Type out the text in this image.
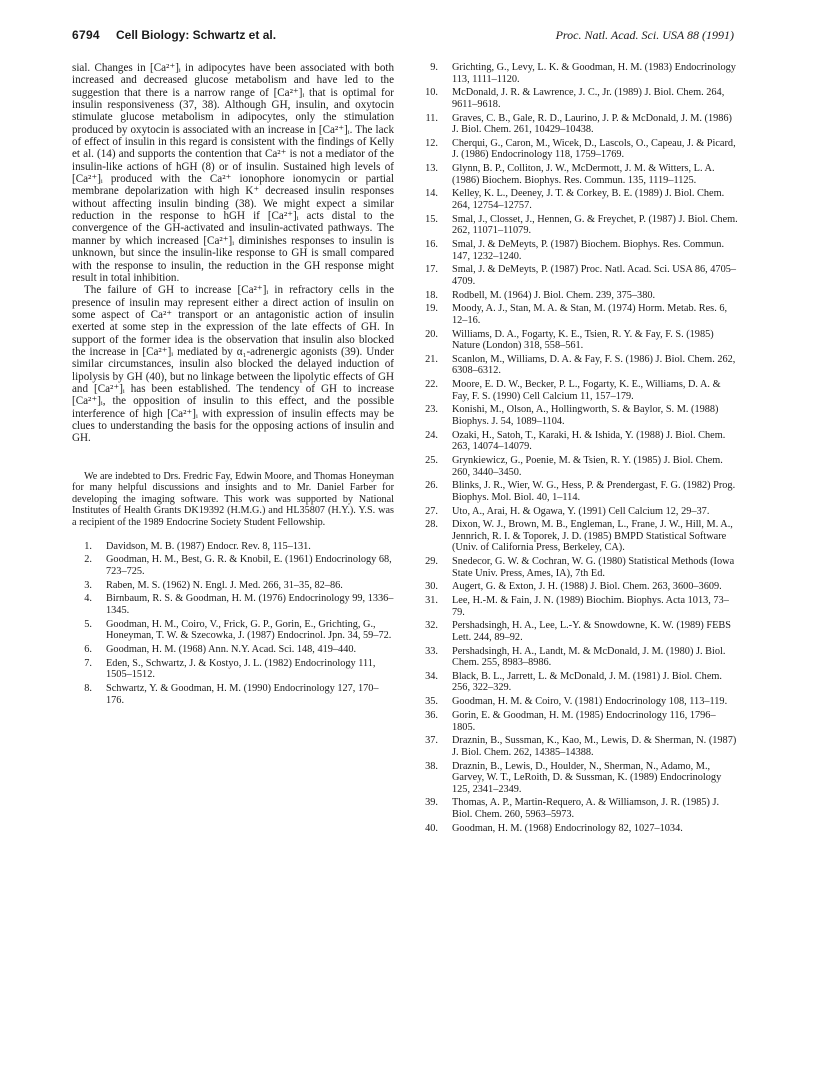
6794 Cell Biology: Schwartz et al.	Proc. Natl. Acad. Sci. USA 88 (1991)

sial. Changes in [Ca²⁺]ᵢ in adipocytes have been associated with both increased and decreased glucose metabolism and have led to the suggestion that there is a narrow range of [Ca²⁺]ᵢ that is optimal for insulin responsiveness (37, 38). Although GH, insulin, and oxytocin stimulate glucose metabolism in adipocytes, only the stimulation produced by oxytocin is associated with an increase in [Ca²⁺]ᵢ. The lack of effect of insulin in this regard is consistent with the findings of Kelly et al. (14) and supports the contention that Ca²⁺ is not a mediator of the insulin-like actions of hGH (8) or of insulin. Sustained high levels of [Ca²⁺]ᵢ produced with the Ca²⁺ ionophore ionomycin or partial membrane depolarization with high K⁺ decreased insulin responses without affecting insulin binding (38). We might expect a similar reduction in the response to hGH if [Ca²⁺]ᵢ acts distal to the convergence of the GH-activated and insulin-activated pathways. The manner by which increased [Ca²⁺]ᵢ diminishes responses to insulin is unknown, but since the insulin-like response to GH is small compared with the response to insulin, the reduction in the GH response might result in total inhibition.

The failure of GH to increase [Ca²⁺]ᵢ in refractory cells in the presence of insulin may represent either a direct action of insulin on some aspect of Ca²⁺ transport or an antagonistic action of insulin exerted at some step in the expression of the late effects of GH. In support of the former idea is the observation that insulin also blocked the increase in [Ca²⁺]ᵢ mediated by α₁-adrenergic agonists (39). Under similar circumstances, insulin also blocked the delayed induction of lipolysis by GH (40), but no linkage between the lipolytic effects of GH and [Ca²⁺]ᵢ has been established. The tendency of GH to increase [Ca²⁺]ᵢ, the opposition of insulin to this effect, and the possible interference of high [Ca²⁺]ᵢ with expression of insulin effects may be clues to understanding the basis for the opposing actions of insulin and GH.

We are indebted to Drs. Fredric Fay, Edwin Moore, and Thomas Honeyman for many helpful discussions and insights and to Mr. Daniel Farber for developing the imaging software. This work was supported by National Institutes of Health Grants DK19392 (H.M.G.) and HL35807 (H.Y.). Y.S. was a recipient of the 1989 Endocrine Society Student Fellowship.

1. Davidson, M. B. (1987) Endocr. Rev. 8, 115–131.
2. Goodman, H. M., Best, G. R. & Knobil, E. (1961) Endocrinology 68, 723–725.
3. Raben, M. S. (1962) N. Engl. J. Med. 266, 31–35, 82–86.
4. Birnbaum, R. S. & Goodman, H. M. (1976) Endocrinology 99, 1336–1345.
5. Goodman, H. M., Coiro, V., Frick, G. P., Gorin, E., Grichting, G., Honeyman, T. W. & Szecowka, J. (1987) Endocrinol. Jpn. 34, 59–72.
6. Goodman, H. M. (1968) Ann. N.Y. Acad. Sci. 148, 419–440.
7. Eden, S., Schwartz, J. & Kostyo, J. L. (1982) Endocrinology 111, 1505–1512.
8. Schwartz, Y. & Goodman, H. M. (1990) Endocrinology 127, 170–176.
9. Grichting, G., Levy, L. K. & Goodman, H. M. (1983) Endocrinology 113, 1111–1120.
10. McDonald, J. R. & Lawrence, J. C., Jr. (1989) J. Biol. Chem. 264, 9611–9618.
11. Graves, C. B., Gale, R. D., Laurino, J. P. & McDonald, J. M. (1986) J. Biol. Chem. 261, 10429–10438.
12. Cherqui, G., Caron, M., Wicek, D., Lascols, O., Capeau, J. & Picard, J. (1986) Endocrinology 118, 1759–1769.
13. Glynn, B. P., Colliton, J. W., McDermott, J. M. & Witters, L. A. (1986) Biochem. Biophys. Res. Commun. 135, 1119–1125.
14. Kelley, K. L., Deeney, J. T. & Corkey, B. E. (1989) J. Biol. Chem. 264, 12754–12757.
15. Smal, J., Closset, J., Hennen, G. & Freychet, P. (1987) J. Biol. Chem. 262, 11071–11079.
16. Smal, J. & DeMeyts, P. (1987) Biochem. Biophys. Res. Commun. 147, 1232–1240.
17. Smal, J. & DeMeyts, P. (1987) Proc. Natl. Acad. Sci. USA 86, 4705–4709.
18. Rodbell, M. (1964) J. Biol. Chem. 239, 375–380.
19. Moody, A. J., Stan, M. A. & Stan, M. (1974) Horm. Metab. Res. 6, 12–16.
20. Williams, D. A., Fogarty, K. E., Tsien, R. Y. & Fay, F. S. (1985) Nature (London) 318, 558–561.
21. Scanlon, M., Williams, D. A. & Fay, F. S. (1986) J. Biol. Chem. 262, 6308–6312.
22. Moore, E. D. W., Becker, P. L., Fogarty, K. E., Williams, D. A. & Fay, F. S. (1990) Cell Calcium 11, 157–179.
23. Konishi, M., Olson, A., Hollingworth, S. & Baylor, S. M. (1988) Biophys. J. 54, 1089–1104.
24. Ozaki, H., Satoh, T., Karaki, H. & Ishida, Y. (1988) J. Biol. Chem. 263, 14074–14079.
25. Grynkiewicz, G., Poenie, M. & Tsien, R. Y. (1985) J. Biol. Chem. 260, 3440–3450.
26. Blinks, J. R., Wier, W. G., Hess, P. & Prendergast, F. G. (1982) Prog. Biophys. Mol. Biol. 40, 1–114.
27. Uto, A., Arai, H. & Ogawa, Y. (1991) Cell Calcium 12, 29–37.
28. Dixon, W. J., Brown, M. B., Engleman, L., Frane, J. W., Hill, M. A., Jennrich, R. I. & Toporek, J. D. (1985) BMPD Statistical Software (Univ. of California Press, Berkeley, CA).
29. Snedecor, G. W. & Cochran, W. G. (1980) Statistical Methods (Iowa State Univ. Press, Ames, IA), 7th Ed.
30. Augert, G. & Exton, J. H. (1988) J. Biol. Chem. 263, 3600–3609.
31. Lee, H.-M. & Fain, J. N. (1989) Biochim. Biophys. Acta 1013, 73–79.
32. Pershadsingh, H. A., Lee, L.-Y. & Snowdowne, K. W. (1989) FEBS Lett. 244, 89–92.
33. Pershadsingh, H. A., Landt, M. & McDonald, J. M. (1980) J. Biol. Chem. 255, 8983–8986.
34. Black, B. L., Jarrett, L. & McDonald, J. M. (1981) J. Biol. Chem. 256, 322–329.
35. Goodman, H. M. & Coiro, V. (1981) Endocrinology 108, 113–119.
36. Gorin, E. & Goodman, H. M. (1985) Endocrinology 116, 1796–1805.
37. Draznin, B., Sussman, K., Kao, M., Lewis, D. & Sherman, N. (1987) J. Biol. Chem. 262, 14385–14388.
38. Draznin, B., Lewis, D., Houlder, N., Sherman, N., Adamo, M., Garvey, W. T., LeRoith, D. & Sussman, K. (1989) Endocrinology 125, 2341–2349.
39. Thomas, A. P., Martin-Requero, A. & Williamson, J. R. (1985) J. Biol. Chem. 260, 5963–5973.
40. Goodman, H. M. (1968) Endocrinology 82, 1027–1034.
